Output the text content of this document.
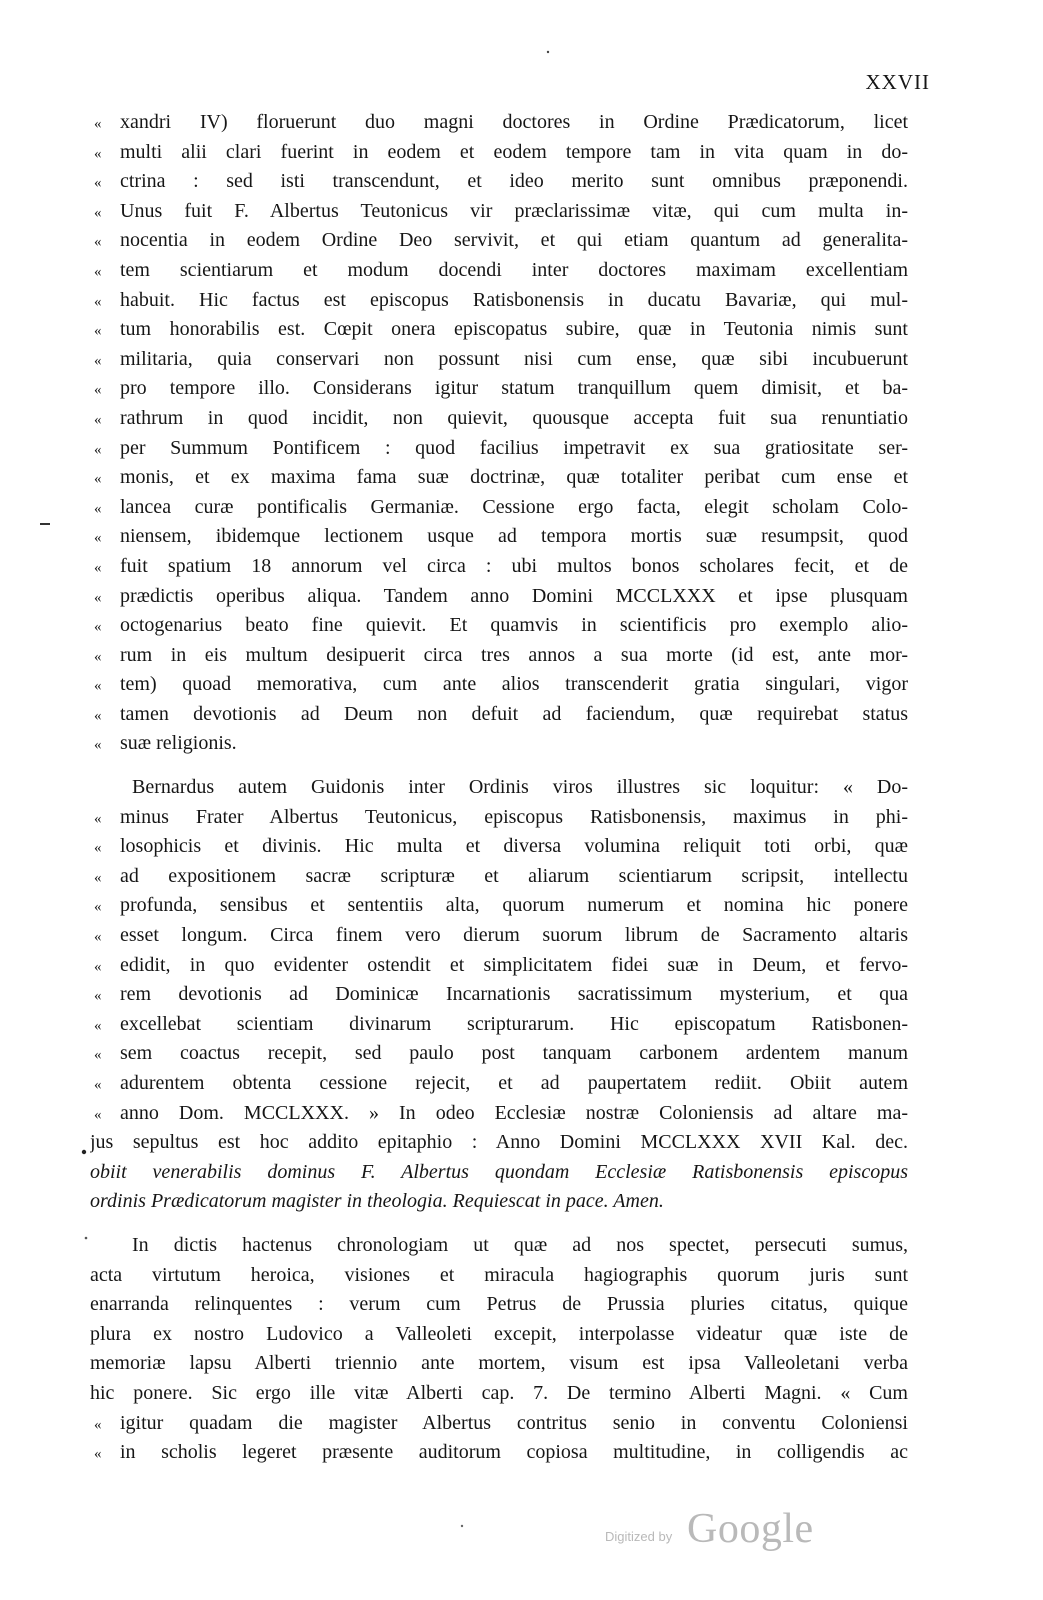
XXVII
« xandri IV) floruerunt duo magni doctores in Ordine Prædicatorum, licet
« multi alii clari fuerint in eodem et eodem tempore tam in vita quam in do-
« ctrina : sed isti transcendunt, et ideo merito sunt omnibus præponendi.
« Unus fuit F. Albertus Teutonicus vir præclarissimæ vitæ, qui cum multa in-
« nocentia in eodem Ordine Deo servivit, et qui etiam quantum ad generalita-
« tem scientiarum et modum docendi inter doctores maximam excellentiam
« habuit. Hic factus est episcopus Ratisbonensis in ducatu Bavariæ, qui mul-
« tum honorabilis est. Cœpit onera episcopatus subire, quæ in Teutonia nimis sunt
« militaria, quia conservari non possunt nisi cum ense, quæ sibi incubuerunt
« pro tempore illo. Considerans igitur statum tranquillum quem dimisit, et ba-
« rathrum in quod incidit, non quievit, quousque accepta fuit sua renuntiatio
« per Summum Pontificem : quod facilius impetravit ex sua gratiositate ser-
« monis, et ex maxima fama suæ doctrinæ, quæ totaliter peribat cum ense et
« lancea curæ pontificalis Germaniæ. Cessione ergo facta, elegit scholam Colo-
« niensem, ibidemque lectionem usque ad tempora mortis suæ resumpsit, quod
« fuit spatium 18 annorum vel circa : ubi multos bonos scholares fecit, et de
« prædictis operibus aliqua. Tandem anno Domini MCCLXXX et ipse plusquam
« octogenarius beato fine quievit. Et quamvis in scientificis pro exemplo alio-
« rum in eis multum desipuerit circa tres annos a sua morte (id est, ante mor-
« tem) quoad memorativa, cum ante alios transcenderit gratia singulari, vigor
« tamen devotionis ad Deum non defuit ad faciendum, quæ requirebat status
« suæ religionis.
Bernardus autem Guidonis inter Ordinis viros illustres sic loquitur: « Do-
« minus Frater Albertus Teutonicus, episcopus Ratisbonensis, maximus in phi-
« losophicis et divinis. Hic multa et diversa volumina reliquit toti orbi, quæ
« ad expositionem sacræ scripturæ et aliarum scientiarum scripsit, intellectu
« profunda, sensibus et sententiis alta, quorum numerum et nomina hic ponere
« esset longum. Circa finem vero dierum suorum librum de Sacramento altaris
« edidit, in quo evidenter ostendit et simplicitatem fidei suæ in Deum, et fervo-
« rem devotionis ad Dominicæ Incarnationis sacratissimum mysterium, et qua
« excellebat scientiam divinarum scripturarum. Hic episcopatum Ratisbonen-
« sem coactus recepit, sed paulo post tanquam carbonem ardentem manum
« adurentem obtenta cessione rejecit, et ad paupertatem rediit. Obiit autem
« anno Dom. MCCLXXX. » In odeo Ecclesiæ nostræ Coloniensis ad altare ma-
jus sepultus est hoc addito epitaphio : Anno Domini MCCLXXX XVII Kal. dec.
obiit venerabilis dominus F. Albertus quondam Ecclesiæ Ratisbonensis episcopus
ordinis Prædicatorum magister in theologia. Requiescat in pace. Amen.
In dictis hactenus chronologiam ut quæ ad nos spectet, persecuti sumus,
acta virtutum heroica, visiones et miracula hagiographis quorum juris sunt
enarranda relinquentes : verum cum Petrus de Prussia pluries citatus, quique
plura ex nostro Ludovico a Valleoleti excepit, interpolasse videatur quæ iste de
memoriæ lapsu Alberti triennio ante mortem, visum est ipsa Valleoletani verba
hic ponere. Sic ergo ille vitæ Alberti cap. 7. De termino Alberti Magni. « Cum
« igitur quadam die magister Albertus contritus senio in conventu Coloniensi
« in scholis legeret præsente auditorum copiosa multitudine, in colligendis ac
Digitized by Google
